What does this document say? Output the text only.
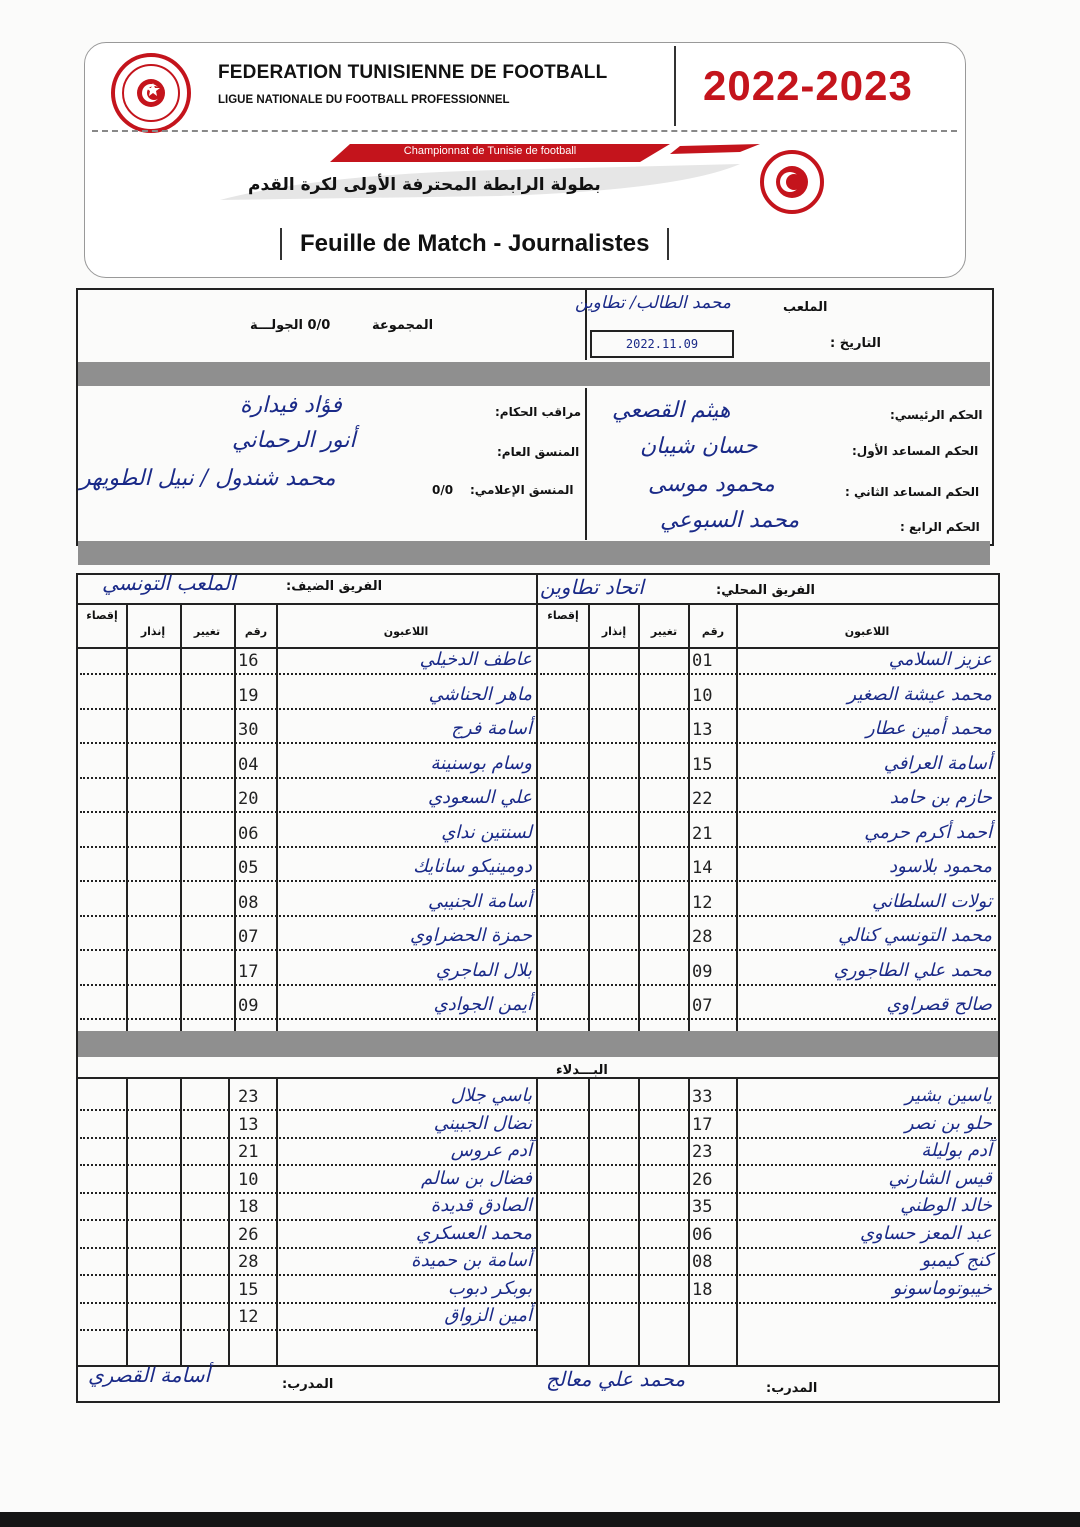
FEDERATION TUNISIENNE DE FOOTBALL
LIGUE NATIONALE DU FOOTBALL PROFESSIONNEL	2022-2023
Championnat de Tunisie de football
بطولة الرابطة المحترفة الأولى لكرة القدم
Feuille de Match - Journalistes
الملعب
محمد الطالب/ تطاوين
التاريخ :
2022.11.09
المجموعة
0/0 الجولـــة
الحكم الرئيسي:
هيثم القصعي
الحكم المساعد الأول:
حسان شيبان
الحكم المساعد الثاني :
محمود موسى
الحكم الرابع :
محمد السبوعي
مراقب الحكام:
فؤاد فيدارة
المنسق العام:
أنور الرحماني
المنسق الإعلامي:
0/0
محمد شندول / نبيل الطويهر
الفريق المحلي:
اتحاد تطاوين
الفريق الضيف:
الملعب التونسي
إقصاء
إنذار	تغيير	رقم	اللاعبون
إقصاء
إنذار	تغيير	رقم	اللاعبون
البـــدلاء
01	عزيز السلامي
10	محمد عيشة الصغير
13	محمد أمين عطار
15	أسامة العرافي
22	حازم بن حامد
21	أحمد أكرم حرمي
14	محمود بلاسود
12	تولات السلطاني
28	محمد التونسي كنالي
09	محمد علي الطاجوري
07	صالح قصراوي
16	عاطف الدخيلي
19	ماهر الحناشي
30	أسامة فرج
04	وسام بوسنينة
20	علي السعودي
06	لسنتين نداي
05	دومينيكو سانايك
08	أسامة الجنيبي
07	حمزة الحضراوي
17	بلال الماجري
09	أيمن الجوادي
33	ياسين بشير
17	حلو بن نصر
23	آدم بوليلة
26	قيس الشارني
35	خالد الوطني
06	عبد المعز حساوي
08	كنج كيمبو
18	خيبوتوماسونو
23	باسي جلال
13	نضال الجبيني
21	آدم عروس
10	فضال بن سالم
18	الصادق قديدة
26	محمد العسكري
28	أسامة بن حميدة
15	بوبكر دبوب
12	أمين الزواق
المدرب:
محمد علي معالج
المدرب:
أسامة القصري
